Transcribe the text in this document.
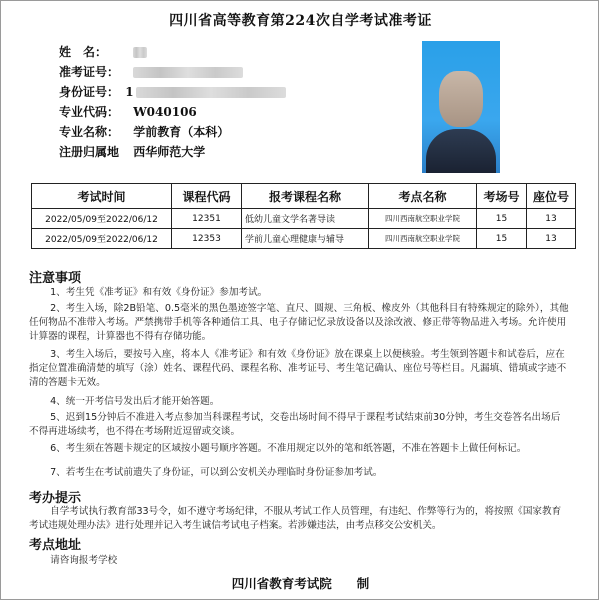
四川省高等教育第224次自学考试准考证
姓　名：
准考证号：
身份证号： 1
专业代码： W040106
专业名称： 学前教育（本科）
注册归属地 西华师范大学
考试时间	课程代码	报考课程名称	考点名称	考场号	座位号
2022/05/09至2022/06/12	12351	低幼儿童文学名著导读	四川西南航空职业学院	15	13
2022/05/09至2022/06/12	12353	学前儿童心理健康与辅导	四川西南航空职业学院	15	13
注意事项

1、考生凭《准考证》和有效《身份证》参加考试。

2、考生入场，除2B铅笔、0.5毫米的黑色墨迹签字笔、直尺、圆规、三角板、橡皮外（其他科目有特殊规定的除外），其他任何物品不准带入考场。严禁携带手机等各种通信工具、电子存储记忆录放设备以及涂改液、修正带等物品进入考场。允许使用计算器的课程，计算器也不得有存储功能。

3、考生入场后，要按号入座，将本人《准考证》和有效《身份证》放在课桌上以便核验。考生领到答题卡和试卷后，应在指定位置准确清楚的填写（涂）姓名、课程代码、课程名称、准考证号、考生笔记确认、座位号等栏目。凡漏填、错填或字迹不清的答题卡无效。

4、统一开考信号发出后才能开始答题。

5、迟到15分钟后不准进入考点参加当科课程考试，交卷出场时间不得早于课程考试结束前30分钟，考生交卷答名出场后不得再进场续考，也不得在考场附近逗留或交谈。

6、考生须在答题卡规定的区域按小题号顺序答题。不准用规定以外的笔和纸答题，不准在答题卡上做任何标记。

7、若考生在考试前遗失了身份证，可以到公安机关办理临时身份证参加考试。

考办提示

自学考试执行教育部33号令，如不遵守考场纪律，不服从考试工作人员管理，有违纪、作弊等行为的，将按照《国家教育考试违规处理办法》进行处理并记入考生诚信考试电子档案。若涉嫌违法，由考点移交公安机关。

考点地址

请咨询报考学校

四川省教育考试院　　制
